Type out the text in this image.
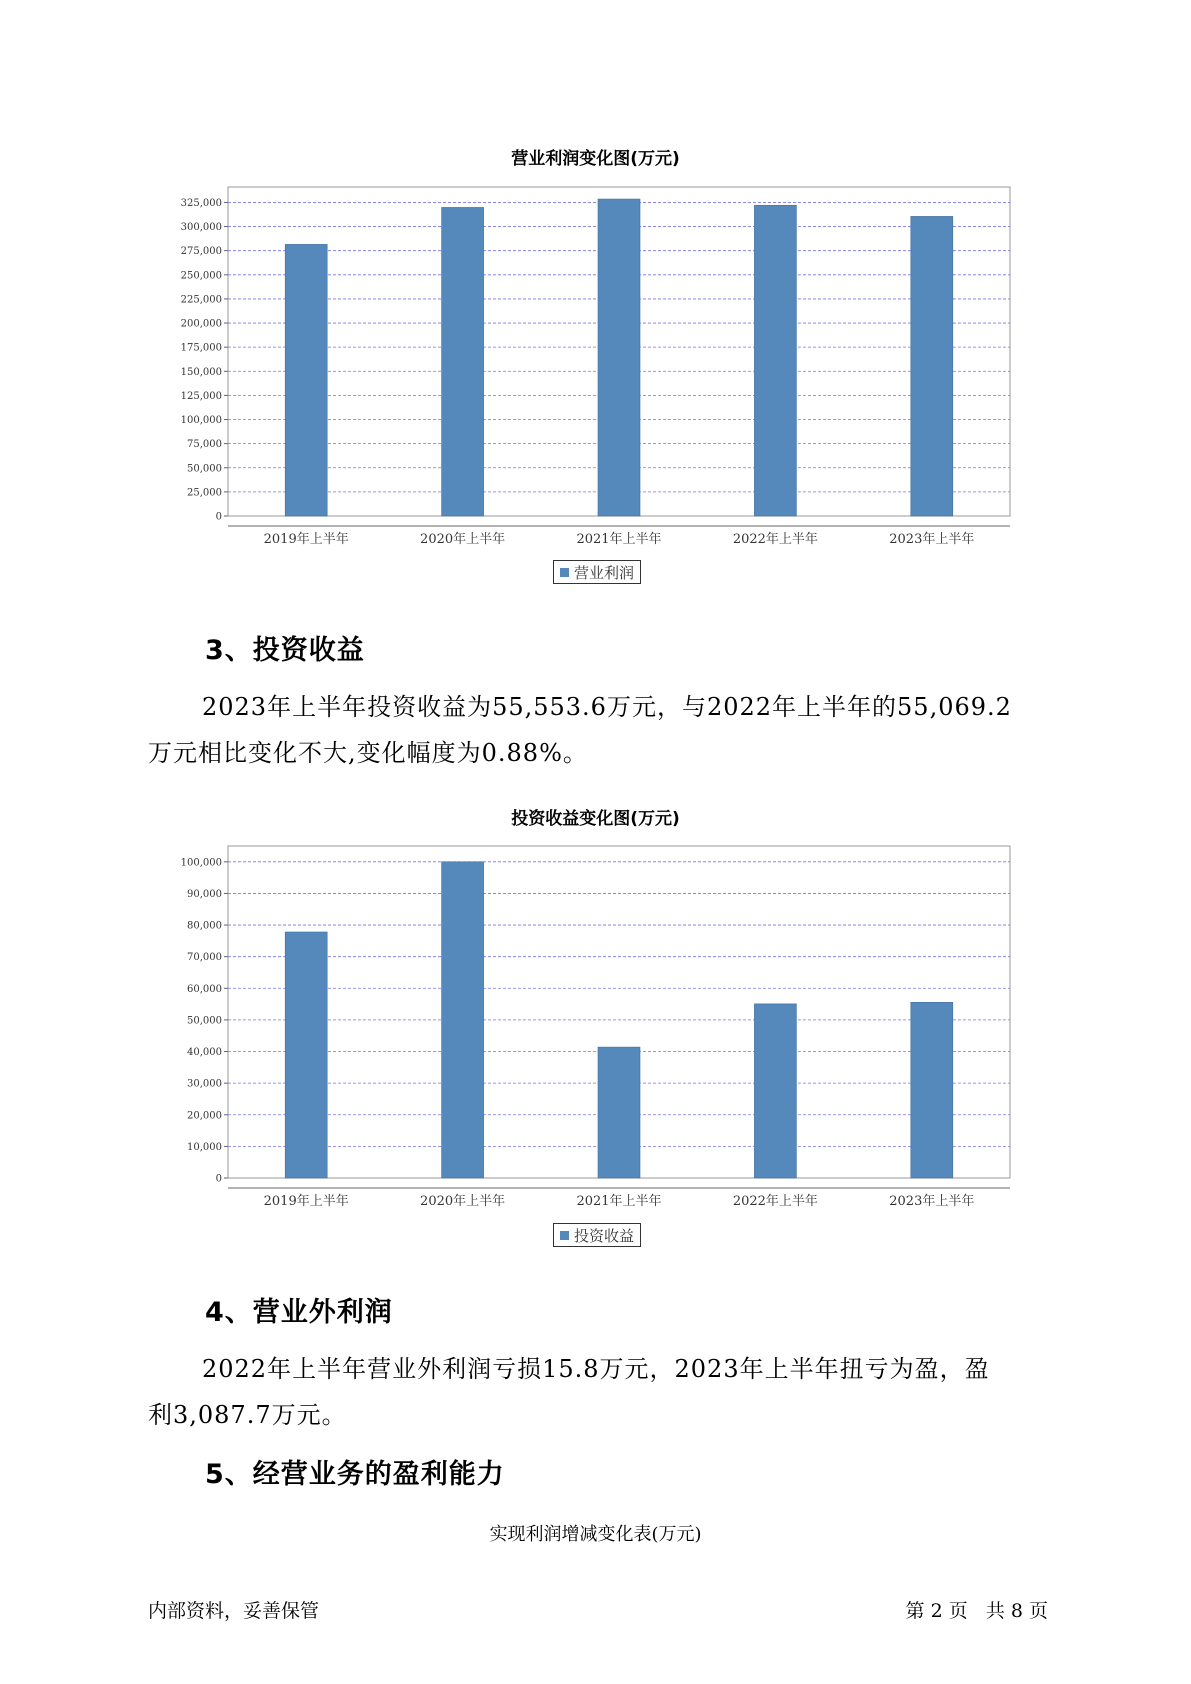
营业利润变化图(万元)
0
25,000
50,000
75,000
100,000
125,000
150,000
175,000
200,000
225,000
250,000
275,000
300,000
325,000
2019年上半年	2020年上半年	2021年上半年	2022年上半年	2023年上半年
营业利润
3、投资收益

2023年上半年投资收益为55,553.6万元，与2022年上半年的55,069.2
万元相比变化不大,变化幅度为0.88%。

投资收益变化图(万元)
0
10,000
20,000
30,000
40,000
50,000
60,000
70,000
80,000
90,000
100,000
2019年上半年	2020年上半年	2021年上半年	2022年上半年	2023年上半年
投资收益
4、营业外利润

2022年上半年营业外利润亏损15.8万元，2023年上半年扭亏为盈，盈
利3,087.7万元。

5、经营业务的盈利能力
实现利润增减变化表(万元)
内部资料，妥善保管	第 2 页   共 8 页
